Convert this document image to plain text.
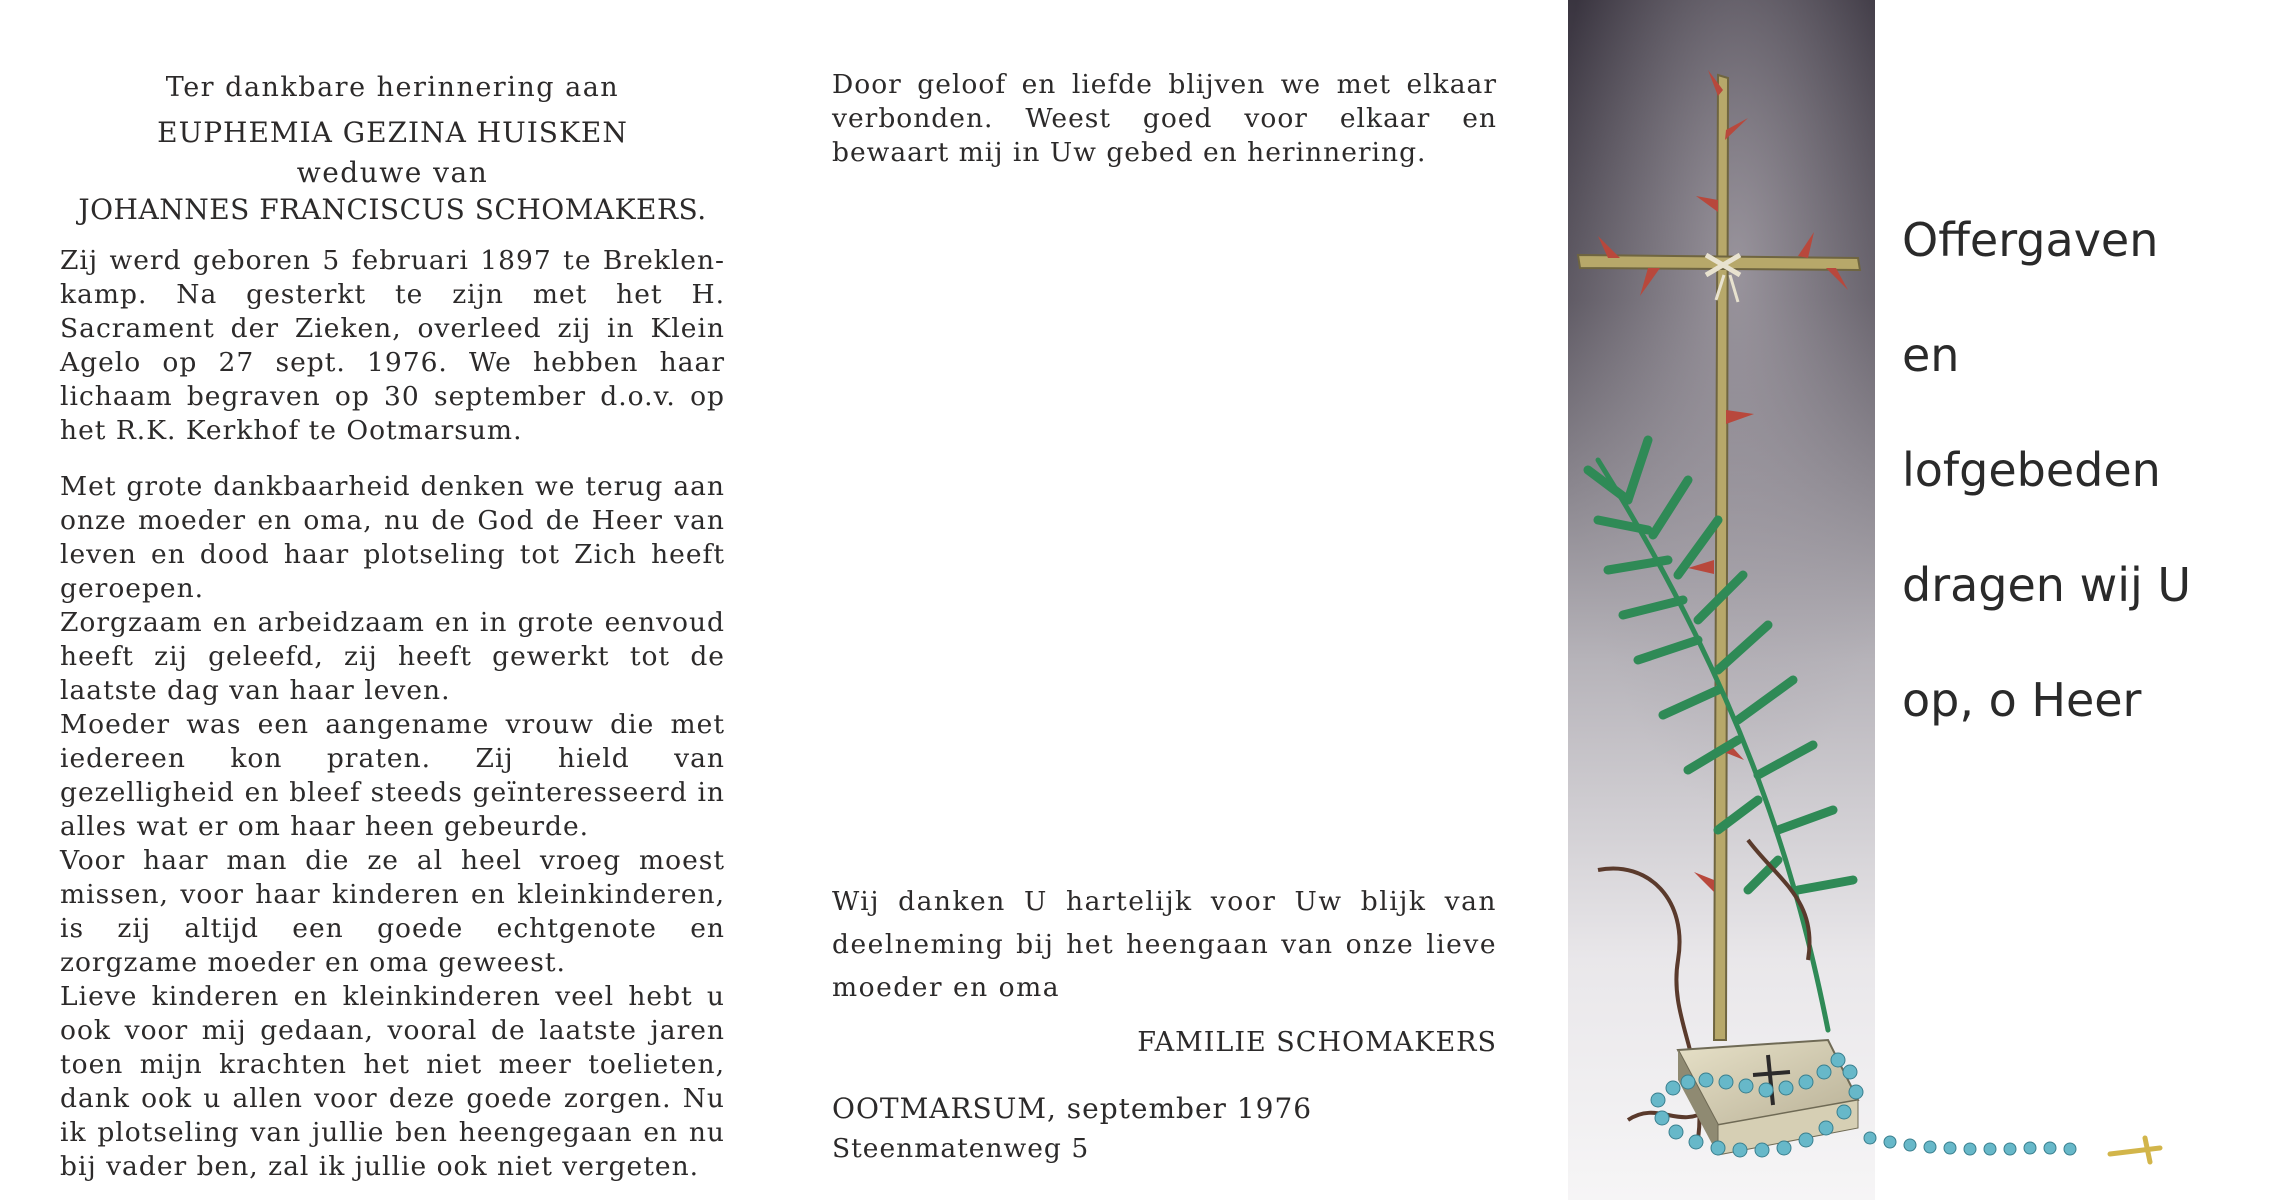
Ter dankbare herinnering aan
EUPHEMIA GEZINA HUISKEN
weduwe van
JOHANNES FRANCISCUS SCHOMAKERS.

Zij werd geboren 5 februari 1897 te Breklen- kamp. Na gesterkt te zijn met het H. Sacrament der Zieken, overleed zij in Klein Agelo op 27 sept. 1976. We hebben haar lichaam begraven op 30 september d.o.v. op het R.K. Kerkhof te Ootmarsum.

Met grote dankbaarheid denken we terug aan onze moeder en oma, nu de God de Heer van leven en dood haar plotseling tot Zich heeft geroepen.

Zorgzaam en arbeidzaam en in grote eenvoud heeft zij geleefd, zij heeft gewerkt tot de laatste dag van haar leven.

Moeder was een aangename vrouw die met iedereen kon praten. Zij hield van gezelligheid en bleef steeds geïnteresseerd in alles wat er om haar heen gebeurde.

Voor haar man die ze al heel vroeg moest missen, voor haar kinderen en kleinkinderen, is zij altijd een goede echtgenote en zorgzame moeder en oma geweest.

Lieve kinderen en kleinkinderen veel hebt u ook voor mij gedaan, vooral de laatste jaren toen mijn krachten het niet meer toelieten, dank ook u allen voor deze goede zorgen. Nu ik plotseling van jullie ben heengegaan en nu bij vader ben, zal ik jullie ook niet vergeten.

Door geloof en liefde blijven we met elkaar verbonden. Weest goed voor elkaar en bewaart mij in Uw gebed en herinnering.

Wij danken U hartelijk voor Uw blijk van deelneming bij het heengaan van onze lieve moeder en oma

FAMILIE SCHOMAKERS
OOTMARSUM, september 1976
Steenmatenweg 5
Offergaven
en
lofgebeden
dragen wij U
op, o Heer
